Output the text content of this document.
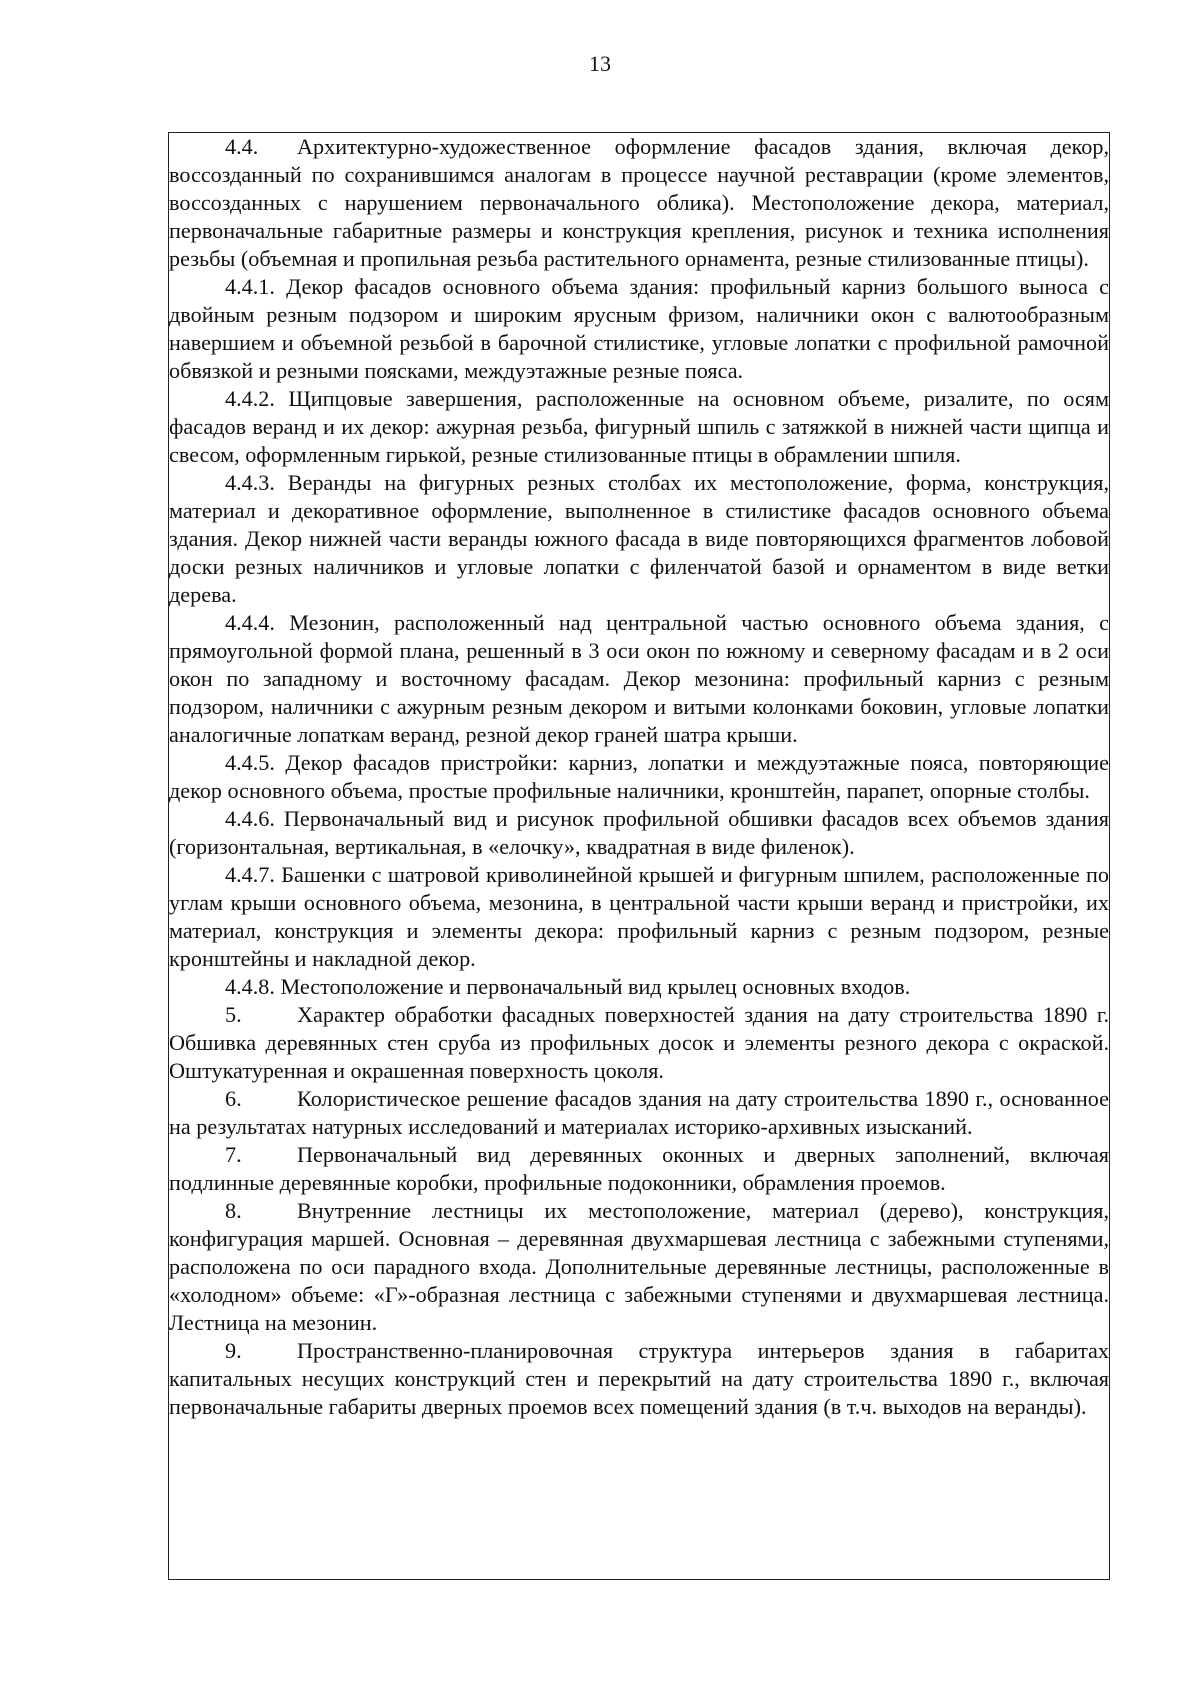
13

4.4. Архитектурно-художественное оформление фасадов здания, включая декор, воссозданный по сохранившимся аналогам в процессе научной реставрации (кроме элементов, воссозданных с нарушением первоначального облика). Местоположение декора, материал, первоначальные габаритные размеры и конструкция крепления, рисунок и техника исполнения резьбы (объемная и пропильная резьба растительного орнамента, резные стилизованные птицы).

4.4.1. Декор фасадов основного объема здания: профильный карниз большого выноса с двойным резным подзором и широким ярусным фризом, наличники окон с валютообразным навершием и объемной резьбой в барочной стилистике, угловые лопатки с профильной рамочной обвязкой и резными поясками, междуэтажные резные пояса.

4.4.2. Щипцовые завершения, расположенные на основном объеме, ризалите, по осям фасадов веранд и их декор: ажурная резьба, фигурный шпиль с затяжкой в нижней части щипца и свесом, оформленным гирькой, резные стилизованные птицы в обрамлении шпиля.

4.4.3. Веранды на фигурных резных столбах их местоположение, форма, конструкция, материал и декоративное оформление, выполненное в стилистике фасадов основного объема здания. Декор нижней части веранды южного фасада в виде повторяющихся фрагментов лобовой доски резных наличников и угловые лопатки с филенчатой базой и орнаментом в виде ветки дерева.

4.4.4. Мезонин, расположенный над центральной частью основного объема здания, с прямоугольной формой плана, решенный в 3 оси окон по южному и северному фасадам и в 2 оси окон по западному и восточному фасадам. Декор мезонина: профильный карниз с резным подзором, наличники с ажурным резным декором и витыми колонками боковин, угловые лопатки аналогичные лопаткам веранд, резной декор граней шатра крыши.

4.4.5. Декор фасадов пристройки: карниз, лопатки и междуэтажные пояса, повторяющие декор основного объема, простые профильные наличники, кронштейн, парапет, опорные столбы.

4.4.6. Первоначальный вид и рисунок профильной обшивки фасадов всех объемов здания (горизонтальная, вертикальная, в «елочку», квадратная в виде филенок).

4.4.7. Башенки с шатровой криволинейной крышей и фигурным шпилем, расположенные по углам крыши основного объема, мезонина, в центральной части крыши веранд и пристройки, их материал, конструкция и элементы декора: профильный карниз с резным подзором, резные кронштейны и накладной декор.

4.4.8. Местоположение и первоначальный вид крылец основных входов.

5. Характер обработки фасадных поверхностей здания на дату строительства 1890 г. Обшивка деревянных стен сруба из профильных досок и элементы резного декора с окраской. Оштукатуренная и окрашенная поверхность цоколя.

6. Колористическое решение фасадов здания на дату строительства 1890 г., основанное на результатах натурных исследований и материалах историко-архивных изысканий.

7. Первоначальный вид деревянных оконных и дверных заполнений, включая подлинные деревянные коробки, профильные подоконники, обрамления проемов.

8. Внутренние лестницы их местоположение, материал (дерево), конструкция, конфигурация маршей. Основная – деревянная двухмаршевая лестница с забежными ступенями, расположена по оси парадного входа. Дополнительные деревянные лестницы, расположенные в «холодном» объеме: «Г»-образная лестница с забежными ступенями и двухмаршевая лестница. Лестница на мезонин.

9. Пространственно-планировочная структура интерьеров здания в габаритах капитальных несущих конструкций стен и перекрытий на дату строительства 1890 г., включая первоначальные габариты дверных проемов всех помещений здания (в т.ч. выходов на веранды).
